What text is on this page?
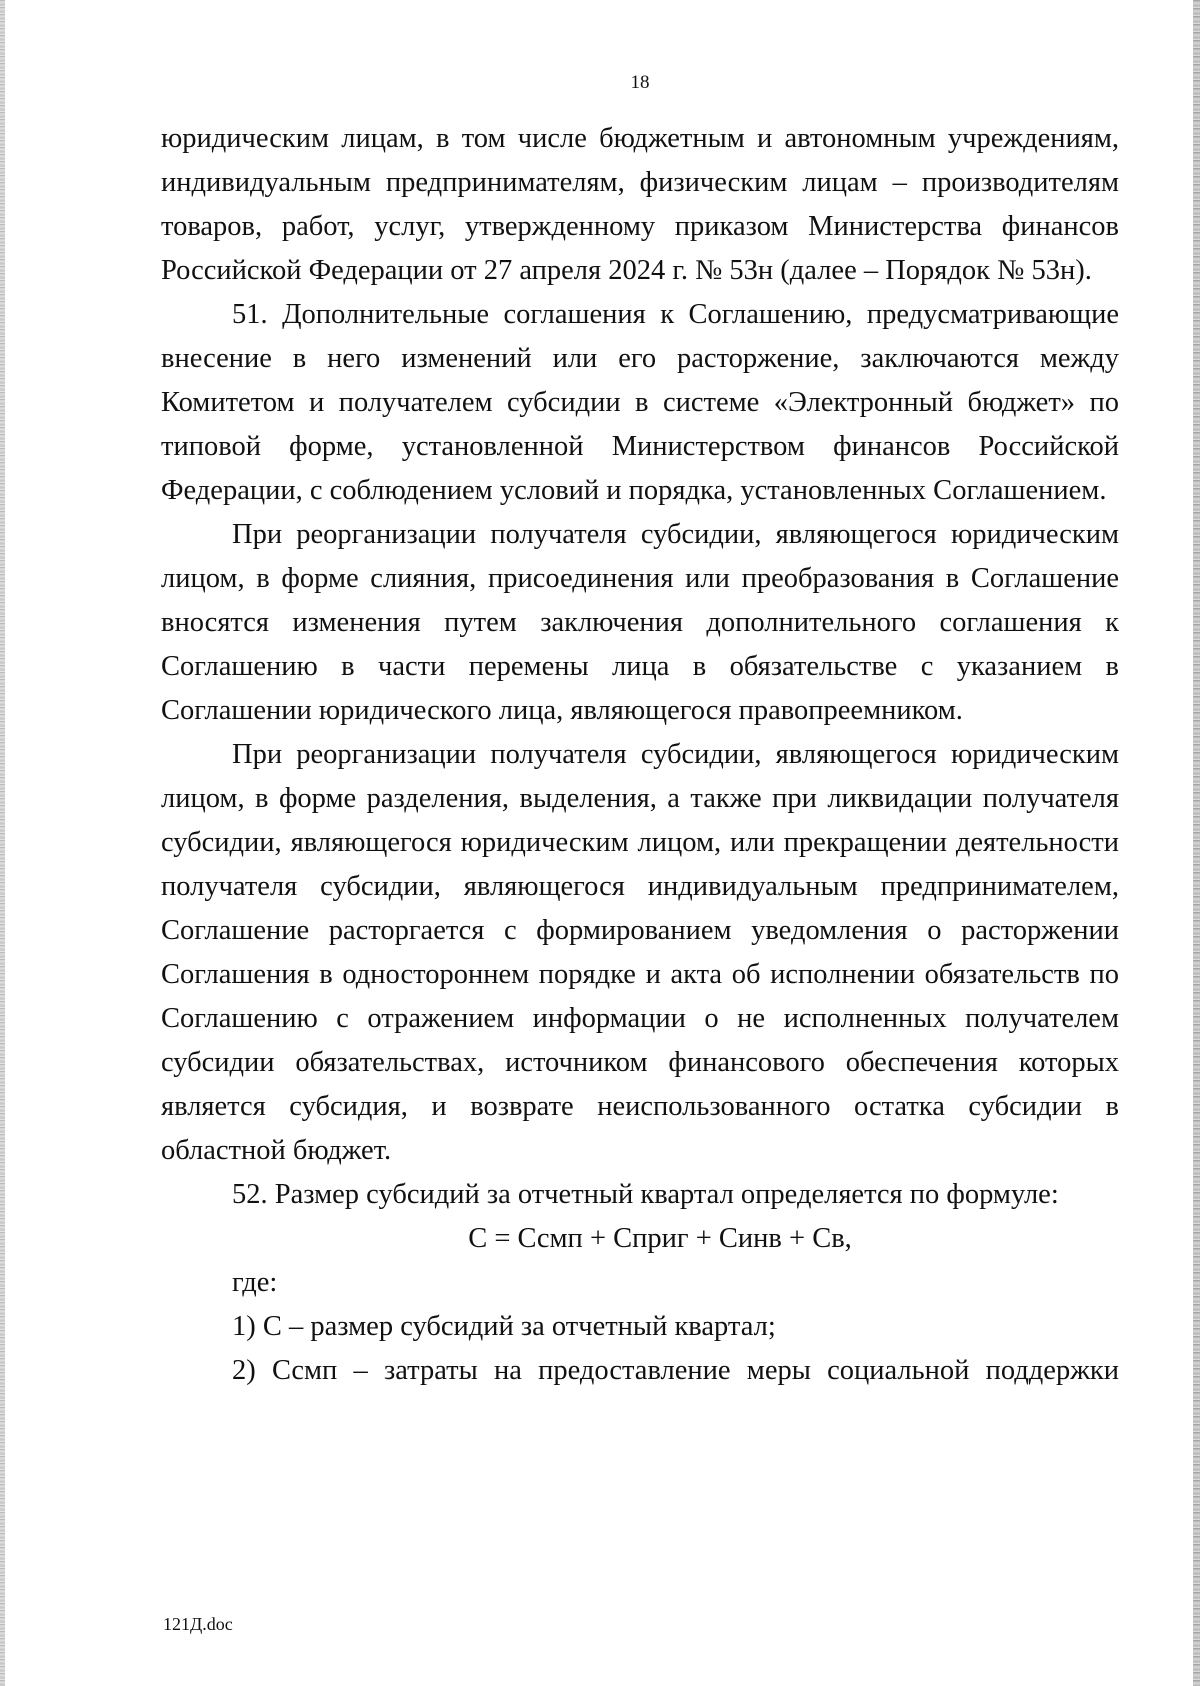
18

юридическим лицам, в том числе бюджетным и автономным учреждениям, индивидуальным предпринимателям, физическим лицам – производителям товаров, работ, услуг, утвержденному приказом Министерства финансов Российской Федерации от 27 апреля 2024 г. № 53н (далее – Порядок № 53н).

51. Дополнительные соглашения к Соглашению, предусматривающие внесение в него изменений или его расторжение, заключаются между Комитетом и получателем субсидии в системе «Электронный бюджет» по типовой форме, установленной Министерством финансов Российской Федерации, с соблюдением условий и порядка, установленных Соглашением.

При реорганизации получателя субсидии, являющегося юридическим лицом, в форме слияния, присоединения или преобразования в Соглашение вносятся изменения путем заключения дополнительного соглашения к Соглашению в части перемены лица в обязательстве с указанием в Соглашении юридического лица, являющегося правопреемником.

При реорганизации получателя субсидии, являющегося юридическим лицом, в форме разделения, выделения, а также при ликвидации получателя субсидии, являющегося юридическим лицом, или прекращении деятельности получателя субсидии, являющегося индивидуальным предпринимателем, Соглашение расторгается с формированием уведомления о расторжении Соглашения в одностороннем порядке и акта об исполнении обязательств по Соглашению с отражением информации о не исполненных получателем субсидии обязательствах, источником финансового обеспечения которых является субсидия, и возврате неиспользованного остатка субсидии в областной бюджет.

52. Размер субсидий за отчетный квартал определяется по формуле:

С = Ссмп + Сприг + Синв + Св,

где:

1) С – размер субсидий за отчетный квартал;

2) Ссмп – затраты на предоставление меры социальной поддержки

121Д.doc
